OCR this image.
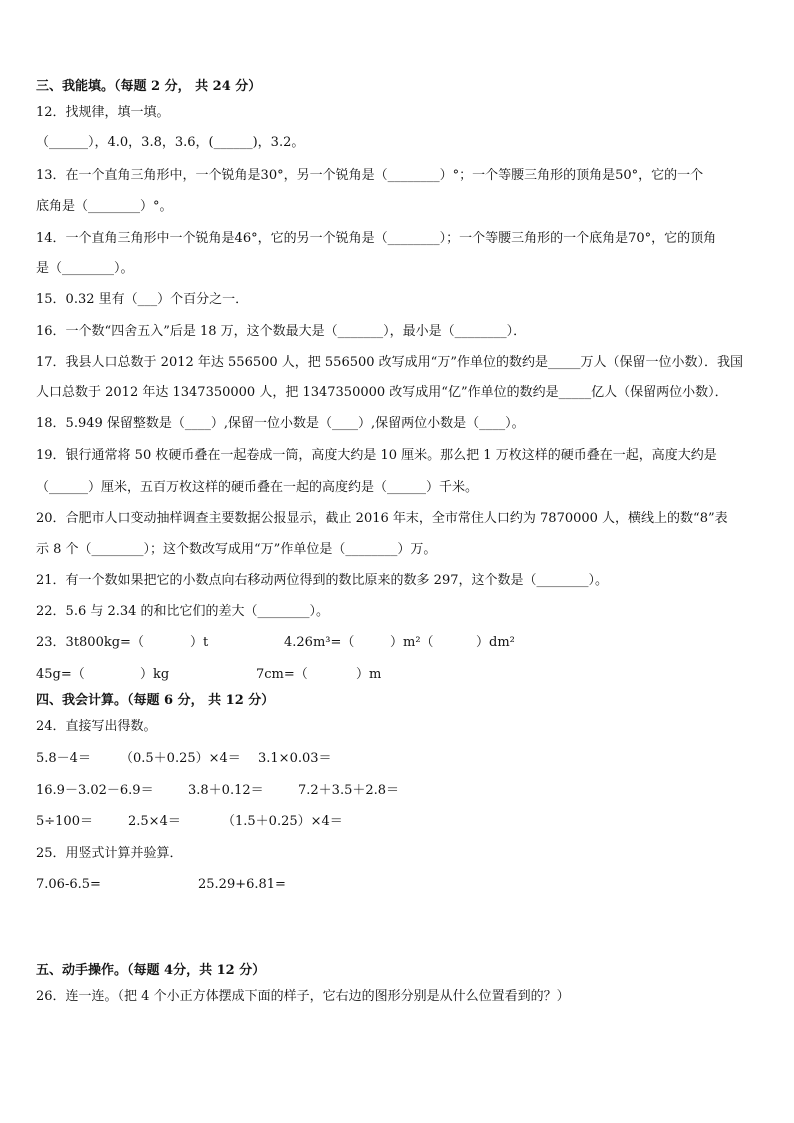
三、我能填。（每题 2 分， 共 24 分）
12．找规律，填一填。
（______），4.0，3.8，3.6，(______)，3.2。
13．在一个直角三角形中，一个锐角是30°，另一个锐角是（________）°；一个等腰三角形的顶角是50°，它的一个
底角是（________）°。
14．一个直角三角形中一个锐角是46°，它的另一个锐角是（________）；一个等腰三角形的一个底角是70°，它的顶角
是（________）。
15．0.32 里有（___）个百分之一．
16．一个数“四舍五入”后是 18 万，这个数最大是（_______），最小是（________）．
17．我县人口总数于 2012 年达 556500 人，把 556500 改写成用“万”作单位的数约是_____万人（保留一位小数）．我国
人口总数于 2012 年达 1347350000 人，把 1347350000 改写成用“亿”作单位的数约是_____亿人（保留两位小数）．
18．5.949 保留整数是（____）,保留一位小数是（____）,保留两位小数是（____）。
19．银行通常将 50 枚硬币叠在一起卷成一筒，高度大约是 10 厘米。那么把 1 万枚这样的硬币叠在一起，高度大约是
（______）厘米，五百万枚这样的硬币叠在一起的高度约是（______）千米。
20．合肥市人口变动抽样调查主要数据公报显示，截止 2016 年末，全市常住人口约为 7870000 人，横线上的数“8”表
示 8 个（________）；这个数改写成用“万”作单位是（________）万。
21．有一个数如果把它的小数点向右移动两位得到的数比原来的数多 297，这个数是（________）。
22．5.6 与 2.34 的和比它们的差大（________）。
23．3t800kg=（	）t	4.26m³=（	）m²（	）dm²
45g=（	）kg	7cm=（	）m
四、我会计算。（每题 6 分， 共 12 分）
24．直接写出得数。
5.8－4＝ （0.5＋0.25）×4＝ 3.1×0.03＝
16.9－3.02－6.9＝	3.8＋0.12＝	7.2＋3.5＋2.8＝
5÷100＝	2.5×4＝	（1.5＋0.25）×4＝
25．用竖式计算并验算．
7.06-6.5=	25.29+6.81=
五、动手操作。（每题 4分，共 12 分）
26．连一连。（把 4 个小正方体摆成下面的样子，它右边的图形分别是从什么位置看到的？）
